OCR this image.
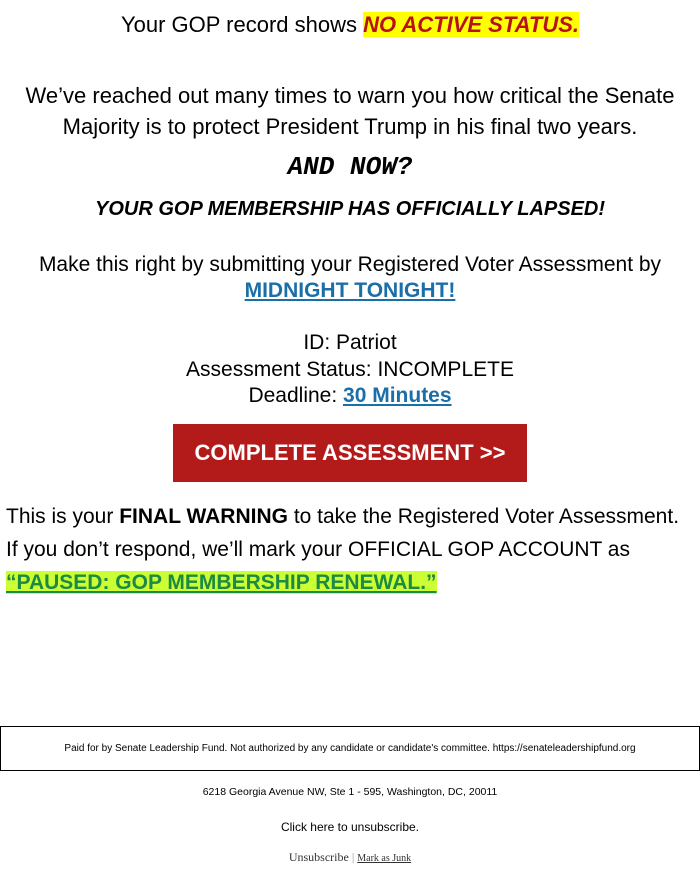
Your GOP record shows NO ACTIVE STATUS.
We’ve reached out many times to warn you how critical the Senate Majority is to protect President Trump in his final two years.
AND NOW?
YOUR GOP MEMBERSHIP HAS OFFICIALLY LAPSED!
Make this right by submitting your Registered Voter Assessment by
MIDNIGHT TONIGHT!
ID: Patriot
Assessment Status: INCOMPLETE
Deadline: 30 Minutes
COMPLETE ASSESSMENT >>
This is your FINAL WARNING to take the Registered Voter Assessment. If you don’t respond, we’ll mark your OFFICIAL GOP ACCOUNT as “PAUSED: GOP MEMBERSHIP RENEWAL.”
Paid for by Senate Leadership Fund. Not authorized by any candidate or candidate's committee. https://senateleadershipfund.org
6218 Georgia Avenue NW, Ste 1 - 595, Washington, DC, 20011
Click here to unsubscribe.
Unsubscribe | Mark as Junk
